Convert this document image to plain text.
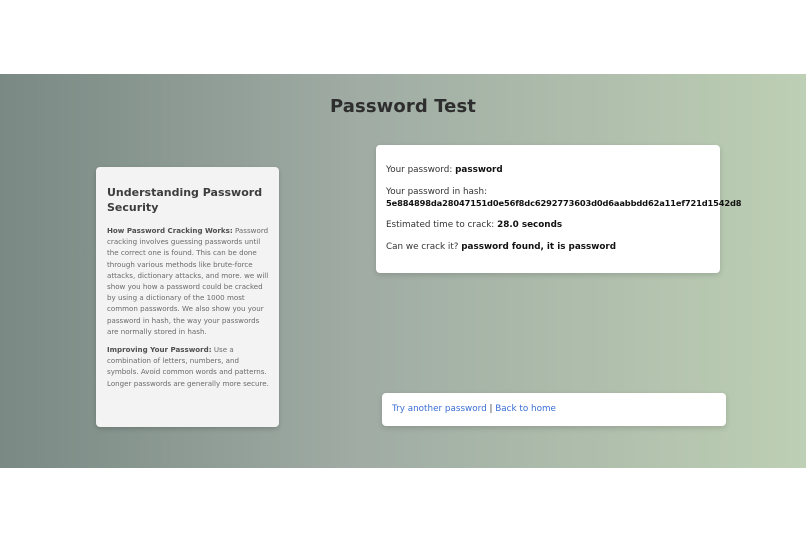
Password Test
Understanding Password Security

How Password Cracking Works: Password cracking involves guessing passwords until the correct one is found. This can be done through various methods like brute-force attacks, dictionary attacks, and more. we will show you how a password could be cracked by using a dictionary of the 1000 most common passwords. We also show you your password in hash, the way your passwords are normally stored in hash.

Improving Your Password: Use a combination of letters, numbers, and symbols. Avoid common words and patterns. Longer passwords are generally more secure.

Your password: password
Your password in hash:
5e884898da28047151d0e56f8dc6292773603d0d6aabbdd62a11ef721d1542d8
Estimated time to crack: 28.0 seconds
Can we crack it? password found, it is password
Try another password | Back to home
